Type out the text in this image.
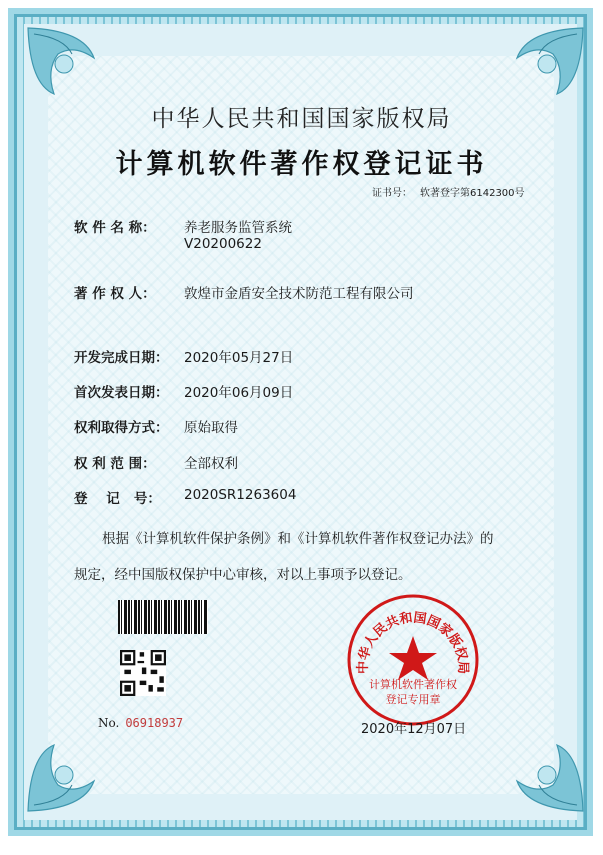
中华人民共和国国家版权局
计算机软件著作权登记证书
证书号： 软著登字第6142300号
软 件 名 称： 养老服务监管系统
V20200622
著 作 权 人： 敦煌市金盾安全技术防范工程有限公司
开发完成日期： 2020年05月27日
首次发表日期： 2020年06月09日
权利取得方式： 原始取得
权 利 范 围： 全部权利
登    记   号： 2020SR1263604
根据《计算机软件保护条例》和《计算机软件著作权登记办法》的
规定，经中国版权保护中心审核，对以上事项予以登记。
No. 06918937
中华人民共和国国家版权局
计算机软件著作权
登记专用章
2020年12月07日
